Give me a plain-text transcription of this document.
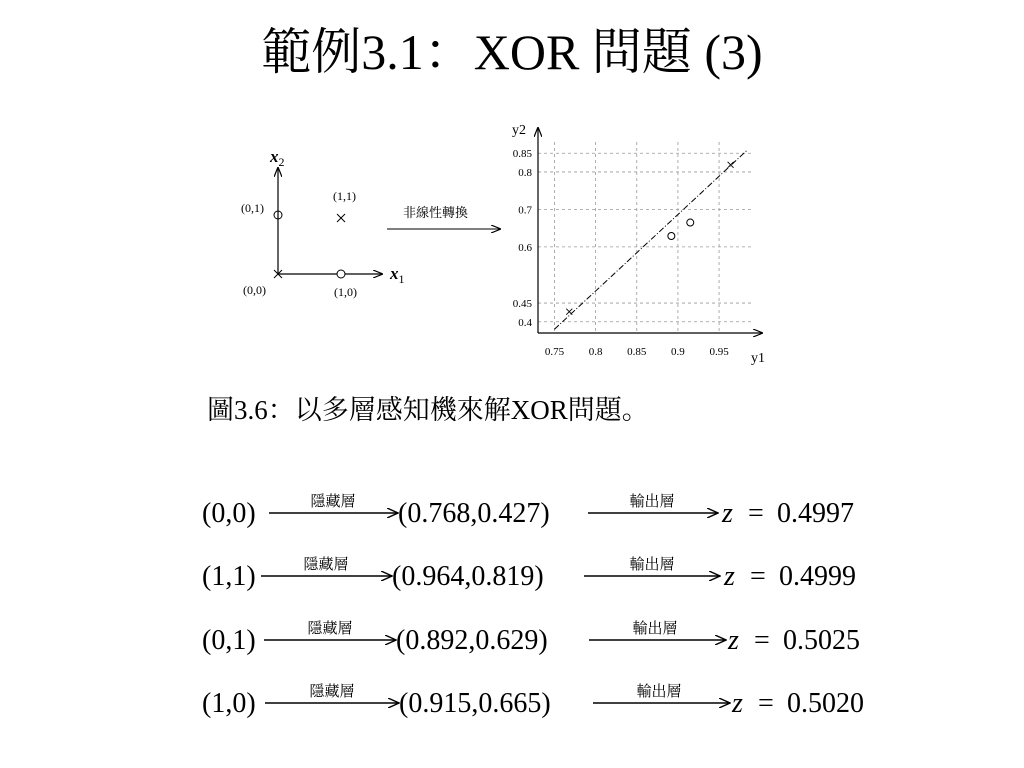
範例3.1：XOR 問題 (3)
$x_2$
$x_1$
(0,1)
(1,1)
(0,0)	(1,0)
非線性轉換
0.75 0.8 0.85 0.9 0.95
0.85
0.8
0.7
0.6
0.45
0.4
y2
y1
圖3.6：以多層感知機來解XOR問題。
(0,0)	隱藏層 (0.768,0.427)	輸出層 z = 0.4997
(1,1)	隱藏層 (0.964,0.819)	輸出層 z = 0.4999
(0,1)	隱藏層 (0.892,0.629)	輸出層 z = 0.5025
(1,0)	隱藏層 (0.915,0.665)	輸出層 z = 0.5020
